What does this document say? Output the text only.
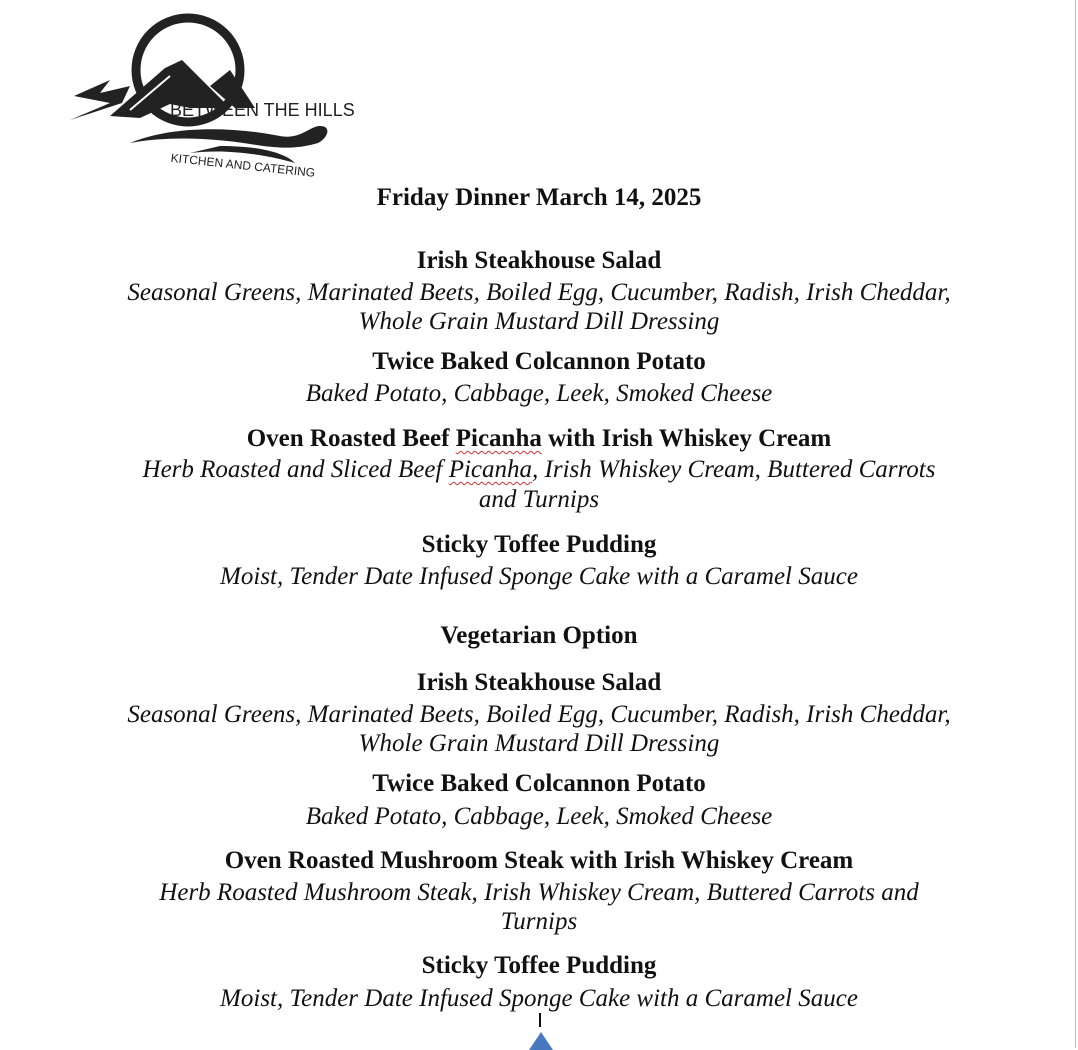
BETWEEN THE HILLS
KITCHEN AND CATERING
Friday Dinner March 14, 2025
Irish Steakhouse Salad
Seasonal Greens, Marinated Beets, Boiled Egg, Cucumber, Radish, Irish Cheddar,
Whole Grain Mustard Dill Dressing
Twice Baked Colcannon Potato
Baked Potato, Cabbage, Leek, Smoked Cheese
Oven Roasted Beef Picanha with Irish Whiskey Cream
Herb Roasted and Sliced Beef Picanha, Irish Whiskey Cream, Buttered Carrots
and Turnips
Sticky Toffee Pudding
Moist, Tender Date Infused Sponge Cake with a Caramel Sauce
Vegetarian Option
Irish Steakhouse Salad
Seasonal Greens, Marinated Beets, Boiled Egg, Cucumber, Radish, Irish Cheddar,
Whole Grain Mustard Dill Dressing
Twice Baked Colcannon Potato
Baked Potato, Cabbage, Leek, Smoked Cheese
Oven Roasted Mushroom Steak with Irish Whiskey Cream
Herb Roasted Mushroom Steak, Irish Whiskey Cream, Buttered Carrots and
Turnips
Sticky Toffee Pudding
Moist, Tender Date Infused Sponge Cake with a Caramel Sauce
